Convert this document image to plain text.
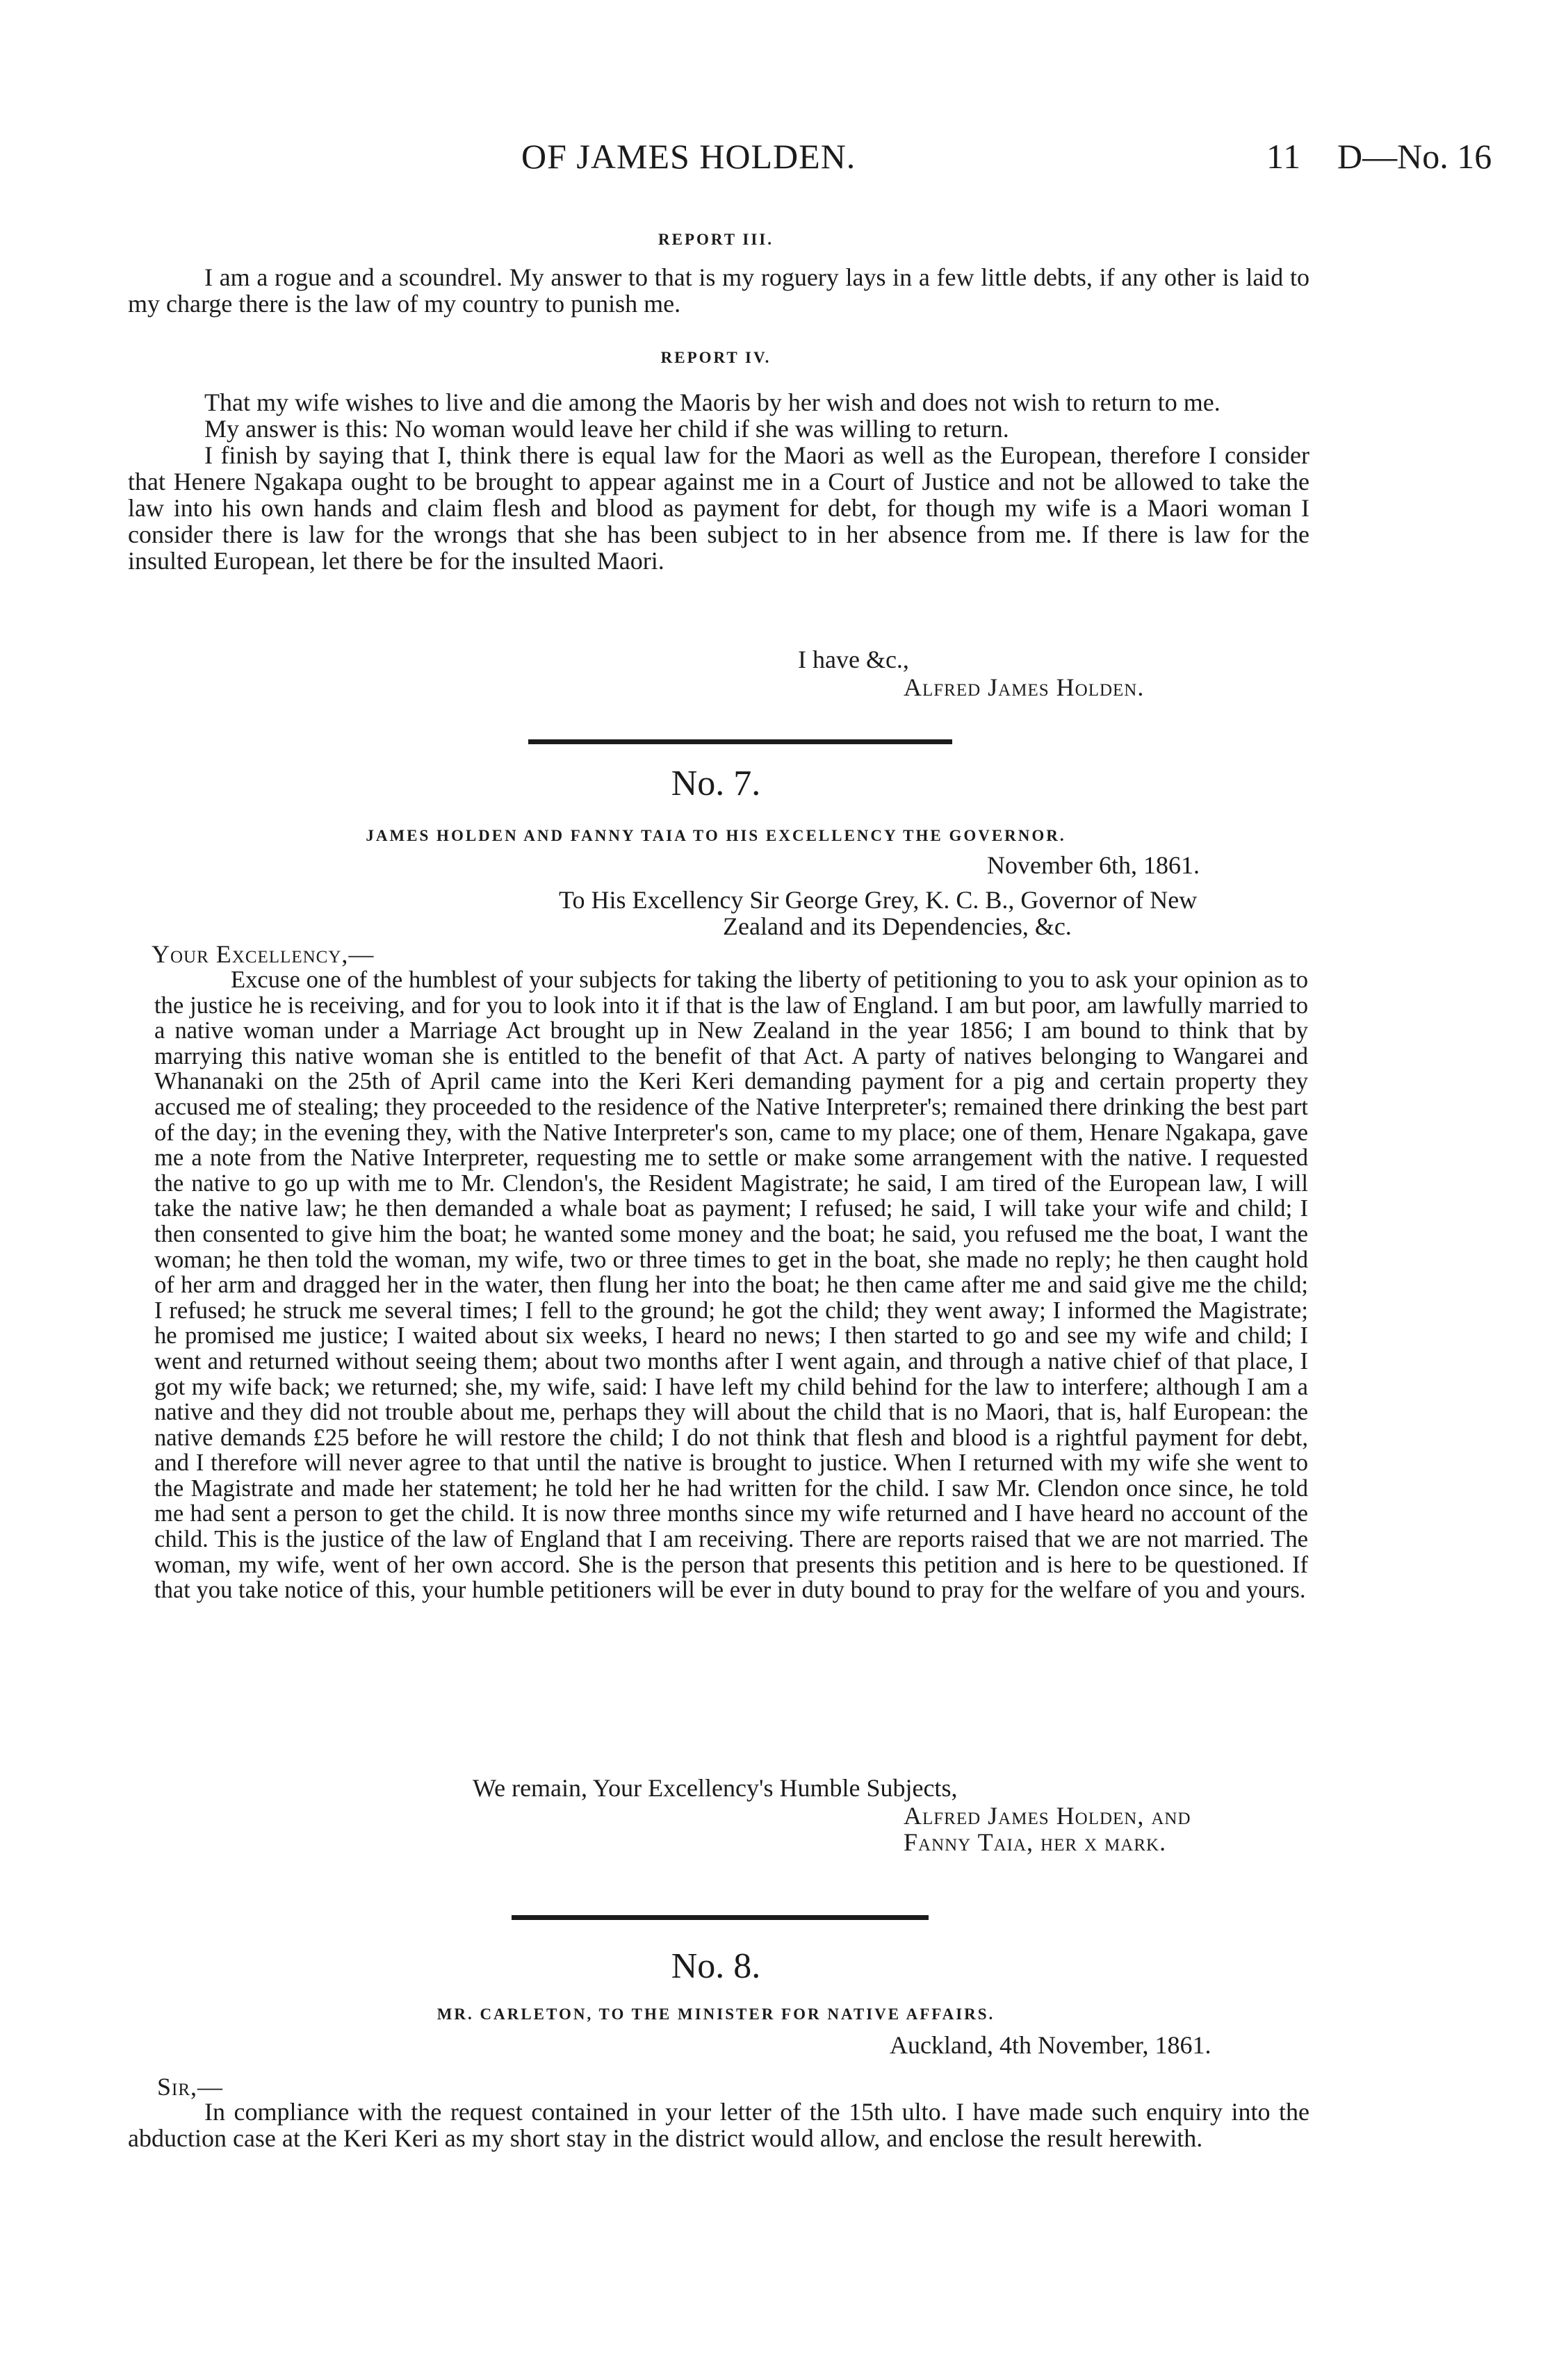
OF JAMES HOLDEN.	11 D—No. 16
REPORT III.

I am a rogue and a scoundrel. My answer to that is my roguery lays in a few little debts, if any other is laid to my charge there is the law of my country to punish me.

REPORT IV.

That my wife wishes to live and die among the Maoris by her wish and does not wish to return to me.

My answer is this: No woman would leave her child if she was willing to return.

I finish by saying that I, think there is equal law for the Maori as well as the European, therefore I consider that Henere Ngakapa ought to be brought to appear against me in a Court of Justice and not be allowed to take the law into his own hands and claim flesh and blood as payment for debt, for though my wife is a Maori woman I consider there is law for the wrongs that she has been subject to in her absence from me. If there is law for the insulted European, let there be for the insulted Maori.

I have &c.,
Alfred James Holden.
No. 7.
JAMES HOLDEN AND FANNY TAIA TO HIS EXCELLENCY THE GOVERNOR.
November 6th, 1861.
To His Excellency Sir George Grey, K. C. B., Governor of New
Zealand and its Dependencies, &c.
Your Excellency,—

Excuse one of the humblest of your subjects for taking the liberty of petitioning to you to ask your opinion as to the justice he is receiving, and for you to look into it if that is the law of England. I am but poor, am lawfully married to a native woman under a Marriage Act brought up in New Zealand in the year 1856; I am bound to think that by marrying this native woman she is entitled to the benefit of that Act. A party of natives belonging to Wangarei and Whananaki on the 25th of April came into the Keri Keri demanding payment for a pig and certain property they accused me of stealing; they proceeded to the residence of the Native Interpreter's; remained there drinking the best part of the day; in the evening they, with the Native Interpreter's son, came to my place; one of them, Henare Ngakapa, gave me a note from the Native Interpreter, requesting me to settle or make some arrangement with the native. I requested the native to go up with me to Mr. Clendon's, the Resident Magistrate; he said, I am tired of the European law, I will take the native law; he then demanded a whale boat as payment; I refused; he said, I will take your wife and child; I then consented to give him the boat; he wanted some money and the boat; he said, you refused me the boat, I want the woman; he then told the woman, my wife, two or three times to get in the boat, she made no reply; he then caught hold of her arm and dragged her in the water, then flung her into the boat; he then came after me and said give me the child; I refused; he struck me several times; I fell to the ground; he got the child; they went away; I informed the Magistrate; he promised me justice; I waited about six weeks, I heard no news; I then started to go and see my wife and child; I went and returned without seeing them; about two months after I went again, and through a native chief of that place, I got my wife back; we returned; she, my wife, said: I have left my child behind for the law to interfere; although I am a native and they did not trouble about me, perhaps they will about the child that is no Maori, that is, half European: the native demands £25 before he will restore the child; I do not think that flesh and blood is a rightful payment for debt, and I therefore will never agree to that until the native is brought to justice. When I returned with my wife she went to the Magistrate and made her statement; he told her he had written for the child. I saw Mr. Clendon once since, he told me had sent a person to get the child. It is now three months since my wife returned and I have heard no account of the child. This is the justice of the law of England that I am receiving. There are reports raised that we are not married. The woman, my wife, went of her own accord. She is the person that presents this petition and is here to be questioned. If that you take notice of this, your humble petitioners will be ever in duty bound to pray for the welfare of you and yours.

We remain, Your Excellency's Humble Subjects,
Alfred James Holden, and
Fanny Taia, her x mark.
No. 8.
MR. CARLETON, TO THE MINISTER FOR NATIVE AFFAIRS.
Auckland, 4th November, 1861.
Sir,—

In compliance with the request contained in your letter of the 15th ulto. I have made such enquiry into the abduction case at the Keri Keri as my short stay in the district would allow, and enclose the result herewith.
